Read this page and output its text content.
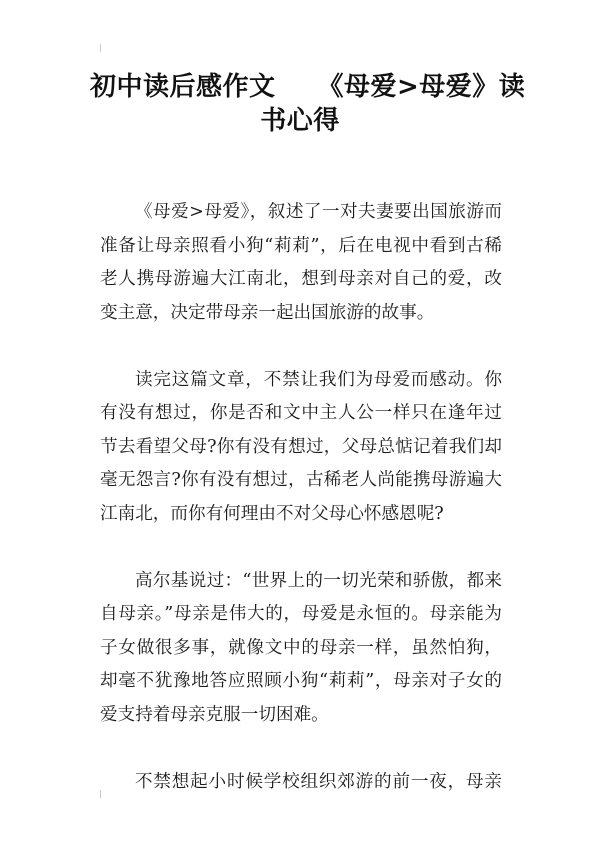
初中读后感作文 《母爱>母爱》读
书心得

《母爱>母爱》，叙述了一对夫妻要出国旅游而
准备让母亲照看小狗“莉莉”，后在电视中看到古稀
老人携母游遍大江南北，想到母亲对自己的爱，改
变主意，决定带母亲一起出国旅游的故事。

读完这篇文章，不禁让我们为母爱而感动。你
有没有想过，你是否和文中主人公一样只在逢年过
节去看望父母?你有没有想过，父母总惦记着我们却
毫无怨言?你有没有想过，古稀老人尚能携母游遍大
江南北，而你有何理由不对父母心怀感恩呢?

高尔基说过：“世界上的一切光荣和骄傲，都来
自母亲。”母亲是伟大的，母爱是永恒的。母亲能为
子女做很多事，就像文中的母亲一样，虽然怕狗，
却毫不犹豫地答应照顾小狗“莉莉”，母亲对子女的
爱支持着母亲克服一切困难。

不禁想起小时候学校组织郊游的前一夜，母亲
